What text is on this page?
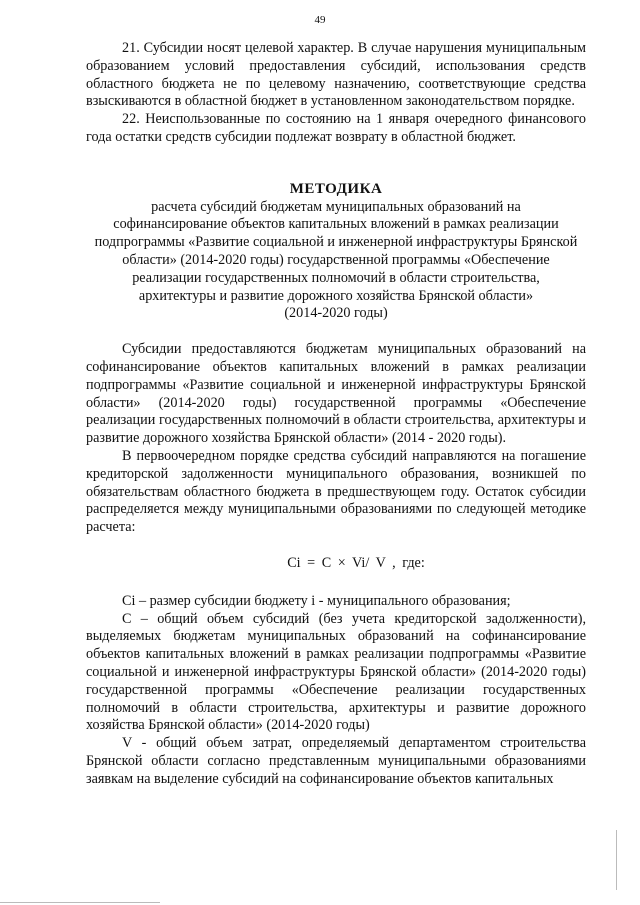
49

21. Субсидии носят целевой характер. В случае нарушения муниципальным образованием условий предоставления субсидий, использования средств областного бюджета не по целевому назначению, соответствующие средства взыскиваются в областной бюджет в установленном законодательством порядке.

22. Неиспользованные по состоянию на 1 января очередного финансового года остатки средств субсидии подлежат возврату в областной бюджет.

МЕТОДИКА

расчета субсидий бюджетам муниципальных образований на

софинансирование объектов капитальных вложений в рамках реализации

подпрограммы «Развитие социальной и инженерной инфраструктуры Брянской

области» (2014-2020 годы) государственной программы «Обеспечение

реализации государственных полномочий в области строительства,

архитектуры и развитие дорожного хозяйства Брянской области»

(2014-2020 годы)

Субсидии предоставляются бюджетам муниципальных образований на софинансирование объектов капитальных вложений в рамках реализации подпрограммы «Развитие социальной и инженерной инфраструктуры Брянской области» (2014-2020 годы) государственной программы «Обеспечение реализации государственных полномочий в области строительства, архитектуры и развитие дорожного хозяйства Брянской области» (2014 - 2020 годы).

В первоочередном порядке средства субсидий направляются на погашение кредиторской задолженности муниципального образования, возникшей по обязательствам областного бюджета в предшествующем году. Остаток субсидии распределяется между муниципальными образованиями по следующей методике расчета:

Ci = C × Vi/ V , где:

Ci – размер субсидии бюджету i - муниципального образования;

С – общий объем субсидий (без учета кредиторской задолженности), выделяемых бюджетам муниципальных образований на софинансирование объектов капитальных вложений в рамках реализации подпрограммы «Развитие социальной и инженерной инфраструктуры Брянской области» (2014-2020 годы) государственной программы «Обеспечение реализации государственных полномочий в области строительства, архитектуры и развитие дорожного хозяйства Брянской области» (2014-2020 годы)

V - общий объем затрат, определяемый департаментом строительства Брянской области согласно представленным муниципальными образованиями заявкам на выделение субсидий на софинансирование объектов капитальных
